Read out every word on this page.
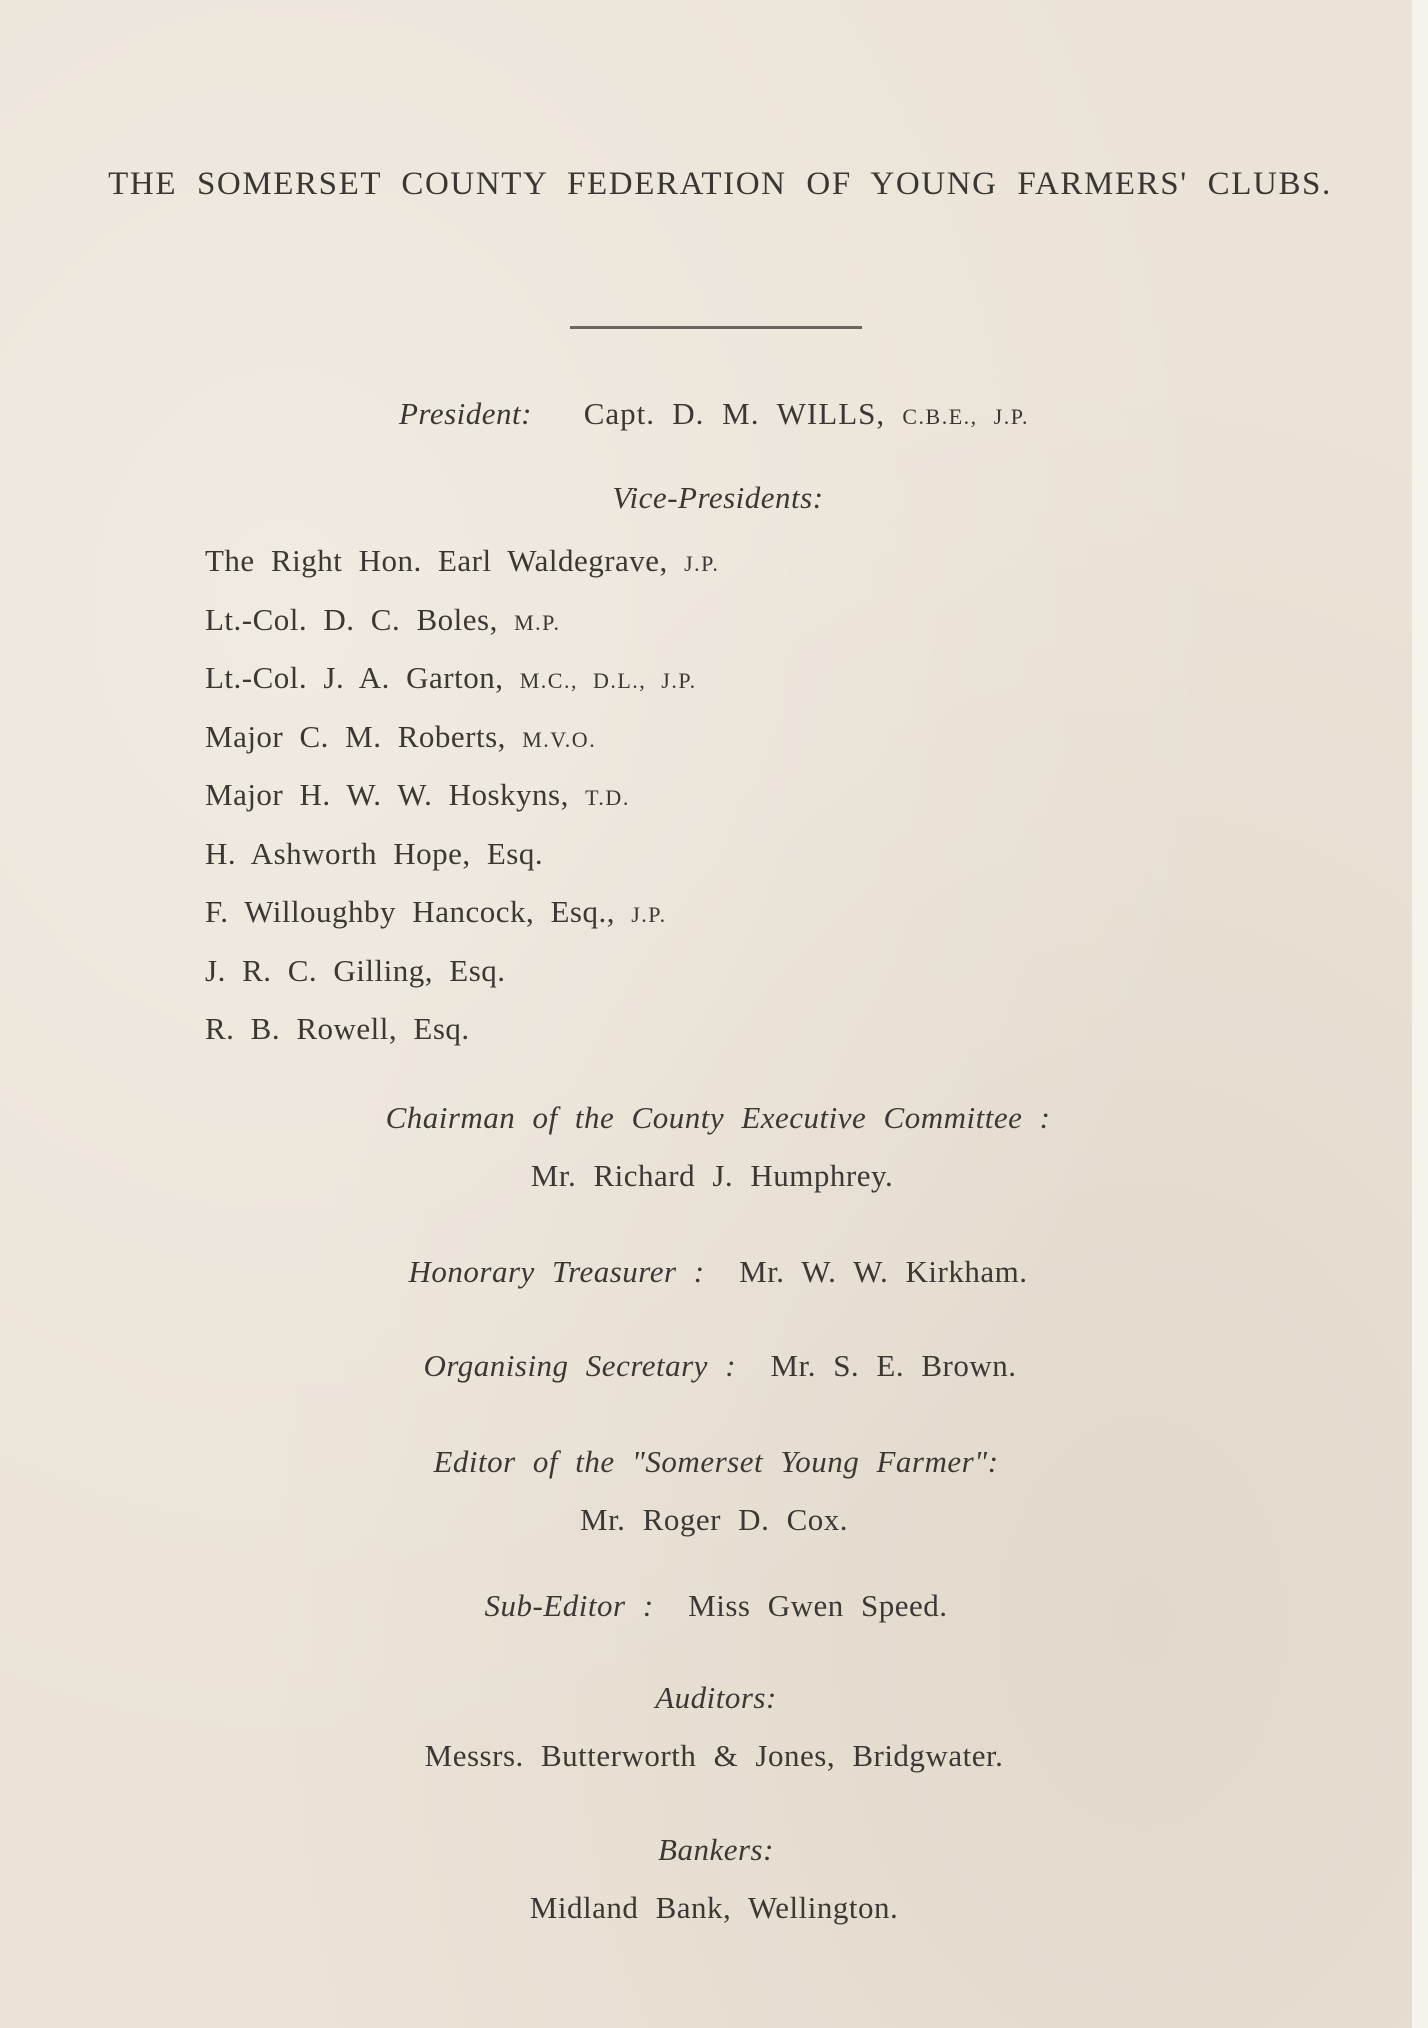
THE SOMERSET COUNTY FEDERATION OF YOUNG FARMERS' CLUBS.
President: Capt. D. M. WILLS, C.B.E., J.P.
Vice-Presidents:
The Right Hon. Earl Waldegrave, J.P.
Lt.-Col. D. C. Boles, M.P.
Lt.-Col. J. A. Garton, M.C., D.L., J.P.
Major C. M. Roberts, M.V.O.
Major H. W. W. Hoskyns, T.D.
H. Ashworth Hope, Esq.
F. Willoughby Hancock, Esq., J.P.
J. R. C. Gilling, Esq.
R. B. Rowell, Esq.
Chairman of the County Executive Committee :
Mr. Richard J. Humphrey.
Honorary Treasurer : Mr. W. W. Kirkham.
Organising Secretary : Mr. S. E. Brown.
Editor of the "Somerset Young Farmer":
Mr. Roger D. Cox.
Sub-Editor : Miss Gwen Speed.
Auditors:
Messrs. Butterworth & Jones, Bridgwater.
Bankers:
Midland Bank, Wellington.
